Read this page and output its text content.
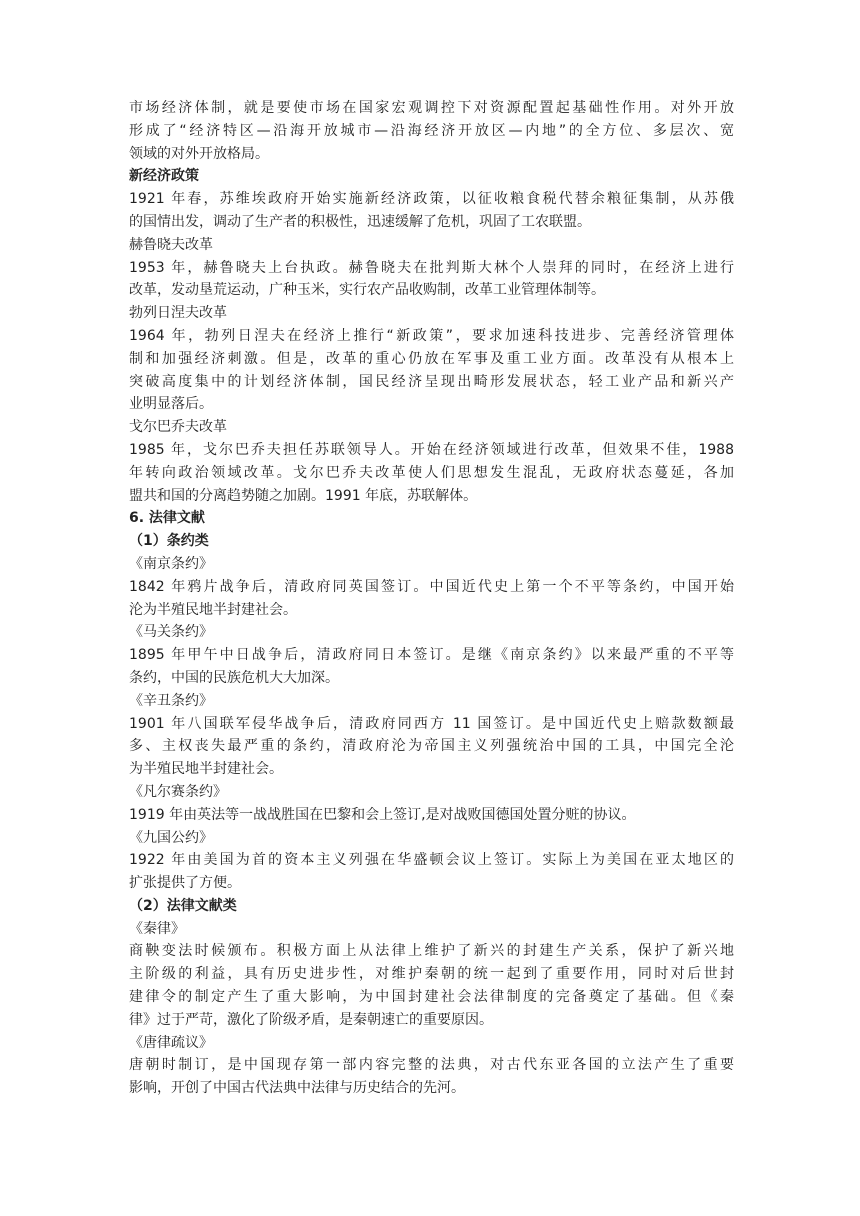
市场经济体制，就是要使市场在国家宏观调控下对资源配置起基础性作用。对外开放
形成了“经济特区—沿海开放城市—沿海经济开放区—内地”的全方位、多层次、宽
领域的对外开放格局。
新经济政策
1921 年春，苏维埃政府开始实施新经济政策，以征收粮食税代替余粮征集制，从苏俄
的国情出发，调动了生产者的积极性，迅速缓解了危机，巩固了工农联盟。
赫鲁晓夫改革
1953 年，赫鲁晓夫上台执政。赫鲁晓夫在批判斯大林个人崇拜的同时，在经济上进行
改革，发动垦荒运动，广种玉米，实行农产品收购制，改革工业管理体制等。
勃列日涅夫改革
1964 年，勃列日涅夫在经济上推行“新政策”，要求加速科技进步、完善经济管理体
制和加强经济刺激。但是，改革的重心仍放在军事及重工业方面。改革没有从根本上
突破高度集中的计划经济体制，国民经济呈现出畸形发展状态，轻工业产品和新兴产
业明显落后。
戈尔巴乔夫改革
1985 年，戈尔巴乔夫担任苏联领导人。开始在经济领域进行改革，但效果不佳，1988
年转向政治领域改革。戈尔巴乔夫改革使人们思想发生混乱，无政府状态蔓延，各加
盟共和国的分离趋势随之加剧。1991 年底，苏联解体。
6. 法律文献
（1）条约类
《南京条约》
1842 年鸦片战争后，清政府同英国签订。中国近代史上第一个不平等条约，中国开始
沦为半殖民地半封建社会。
《马关条约》
1895 年甲午中日战争后，清政府同日本签订。是继《南京条约》以来最严重的不平等
条约，中国的民族危机大大加深。
《辛丑条约》
1901 年八国联军侵华战争后，清政府同西方 11 国签订。是中国近代史上赔款数额最
多、主权丧失最严重的条约，清政府沦为帝国主义列强统治中国的工具，中国完全沦
为半殖民地半封建社会。
《凡尔赛条约》
1919 年由英法等一战战胜国在巴黎和会上签订,是对战败国德国处置分赃的协议。
《九国公约》
1922 年由美国为首的资本主义列强在华盛顿会议上签订。实际上为美国在亚太地区的
扩张提供了方便。
（2）法律文献类
《秦律》
商鞅变法时候颁布。积极方面上从法律上维护了新兴的封建生产关系，保护了新兴地
主阶级的利益，具有历史进步性，对维护秦朝的统一起到了重要作用，同时对后世封
建律令的制定产生了重大影响，为中国封建社会法律制度的完备奠定了基础。但《秦
律》过于严苛，激化了阶级矛盾，是秦朝速亡的重要原因。
《唐律疏议》
唐朝时制订，是中国现存第一部内容完整的法典，对古代东亚各国的立法产生了重要
影响，开创了中国古代法典中法律与历史结合的先河。
